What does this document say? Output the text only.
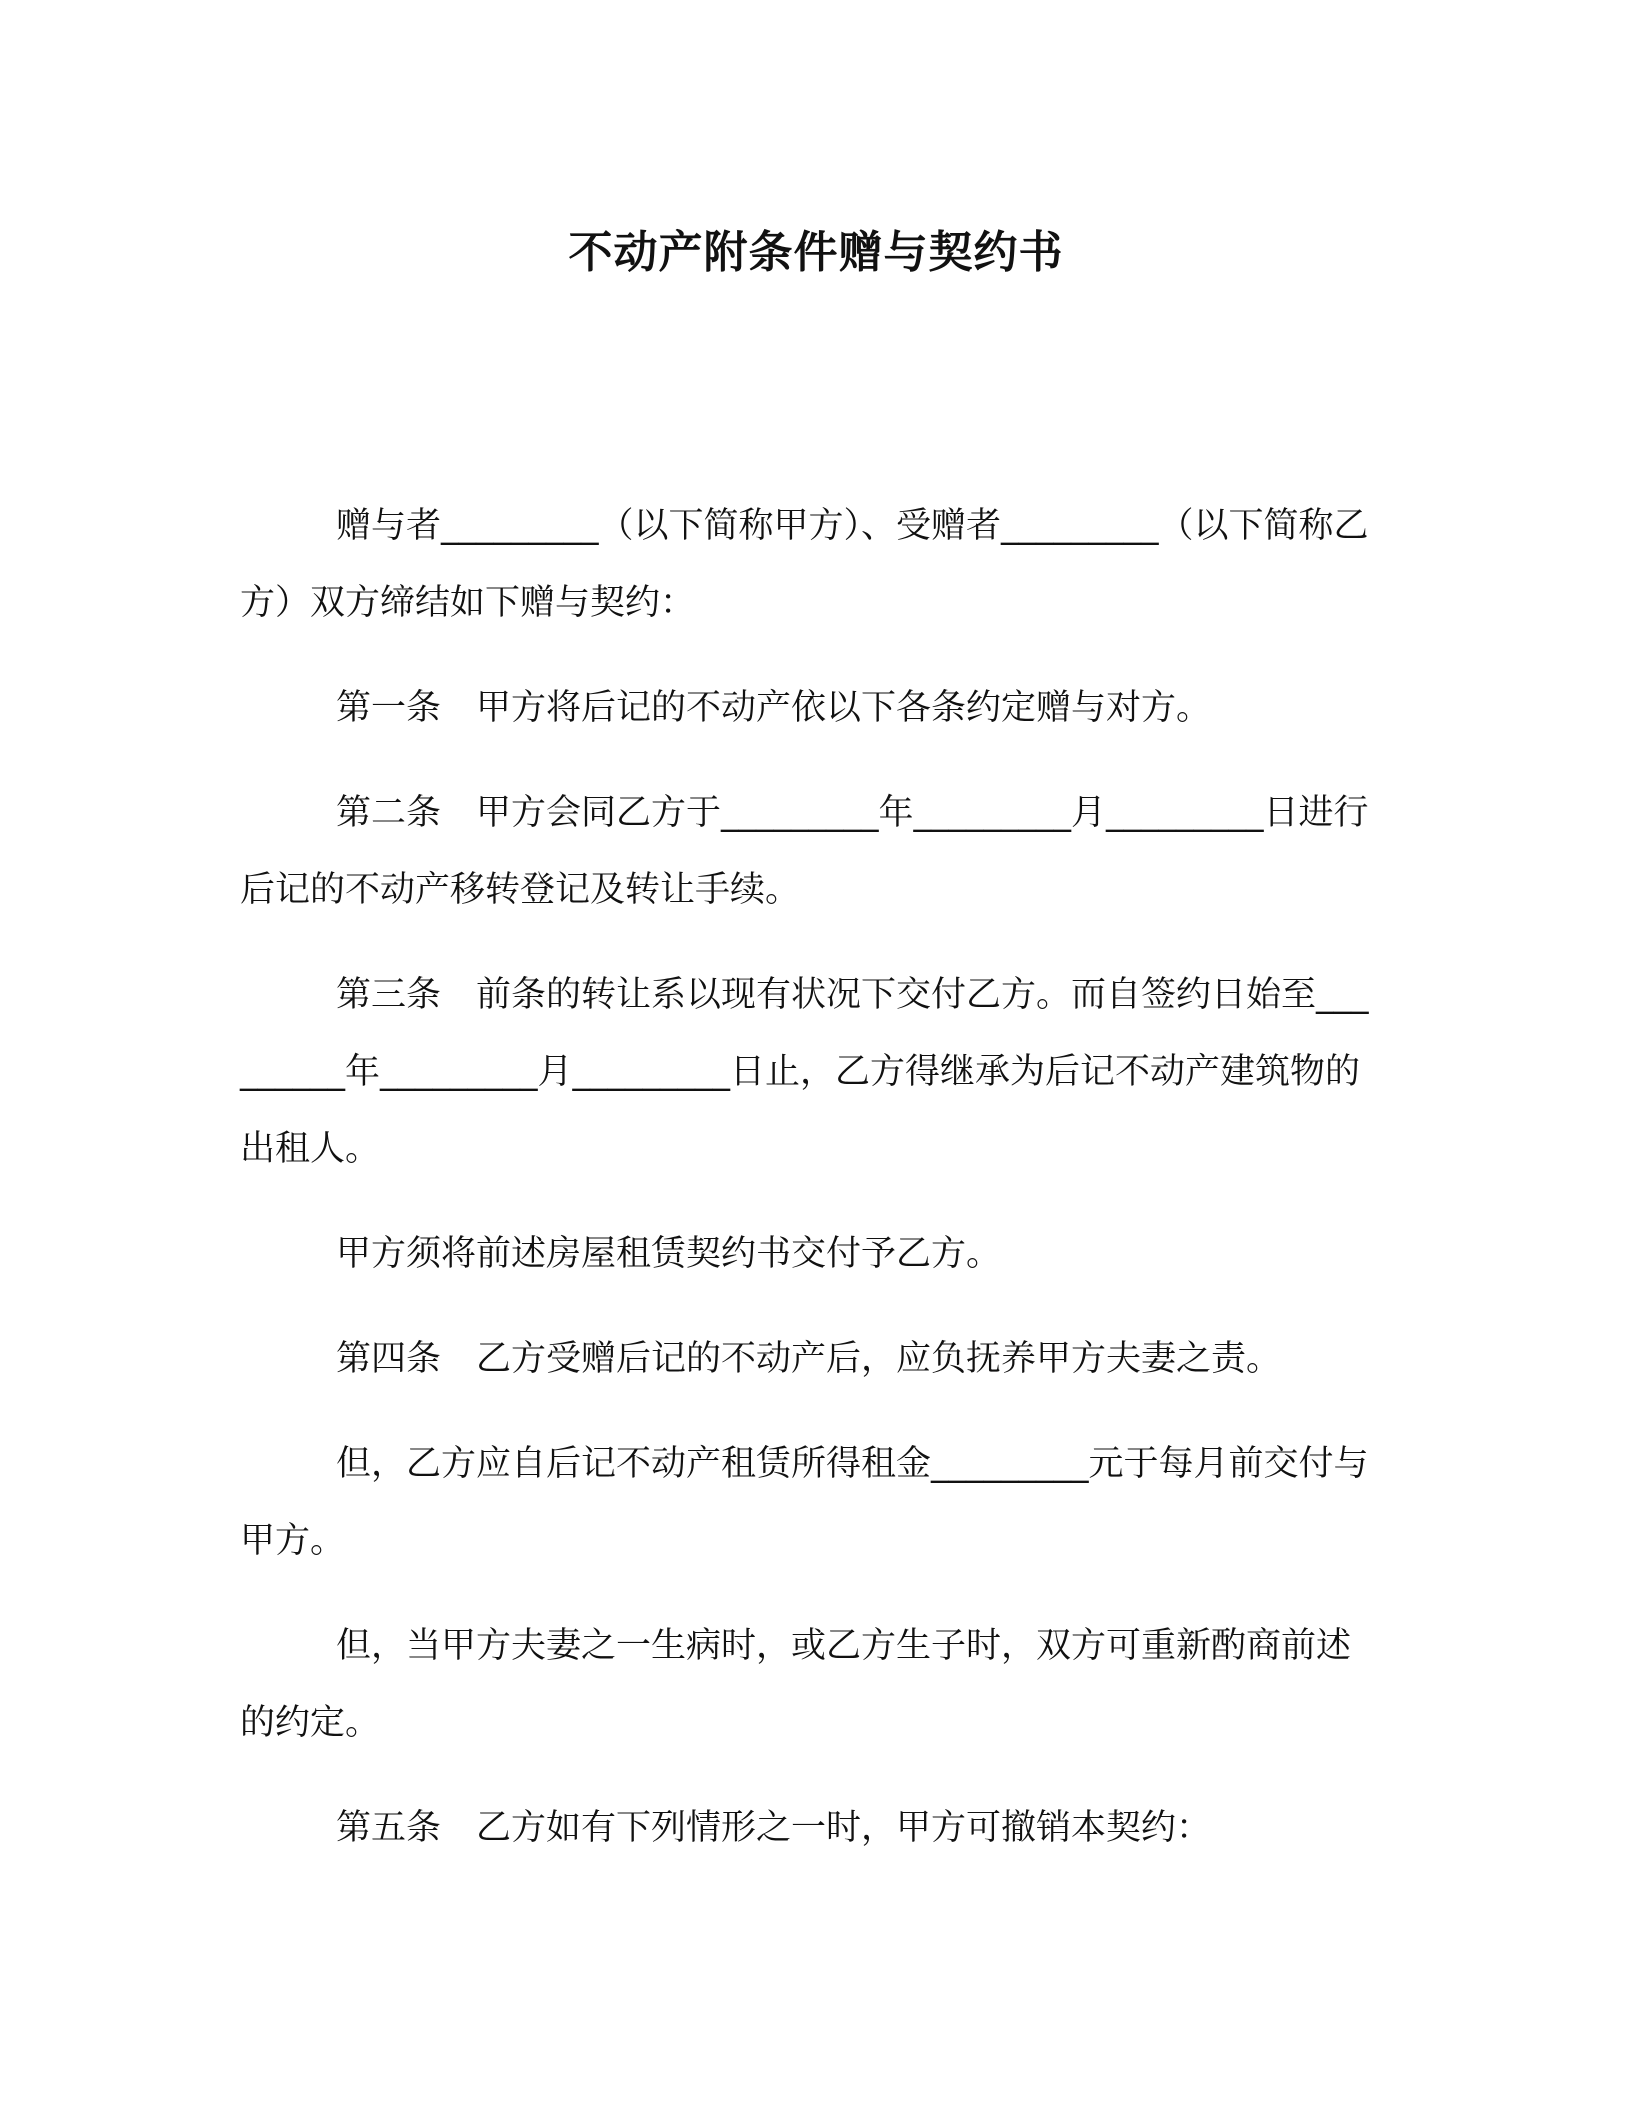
不动产附条件赠与契约书

赠与者_________（以下简称甲方）、受赠者_________（以下简称乙方）双方缔结如下赠与契约：

第一条　甲方将后记的不动产依以下各条约定赠与对方。

第二条　甲方会同乙方于_________年_________月_________日进行后记的不动产移转登记及转让手续。

第三条　前条的转让系以现有状况下交付乙方。而自签约日始至_________年_________月_________日止，乙方得继承为后记不动产建筑物的出租人。

甲方须将前述房屋租赁契约书交付予乙方。

第四条　乙方受赠后记的不动产后，应负抚养甲方夫妻之责。

但，乙方应自后记不动产租赁所得租金_________元于每月前交付与甲方。

但，当甲方夫妻之一生病时，或乙方生子时，双方可重新酌商前述的约定。

第五条　乙方如有下列情形之一时，甲方可撤销本契约：
